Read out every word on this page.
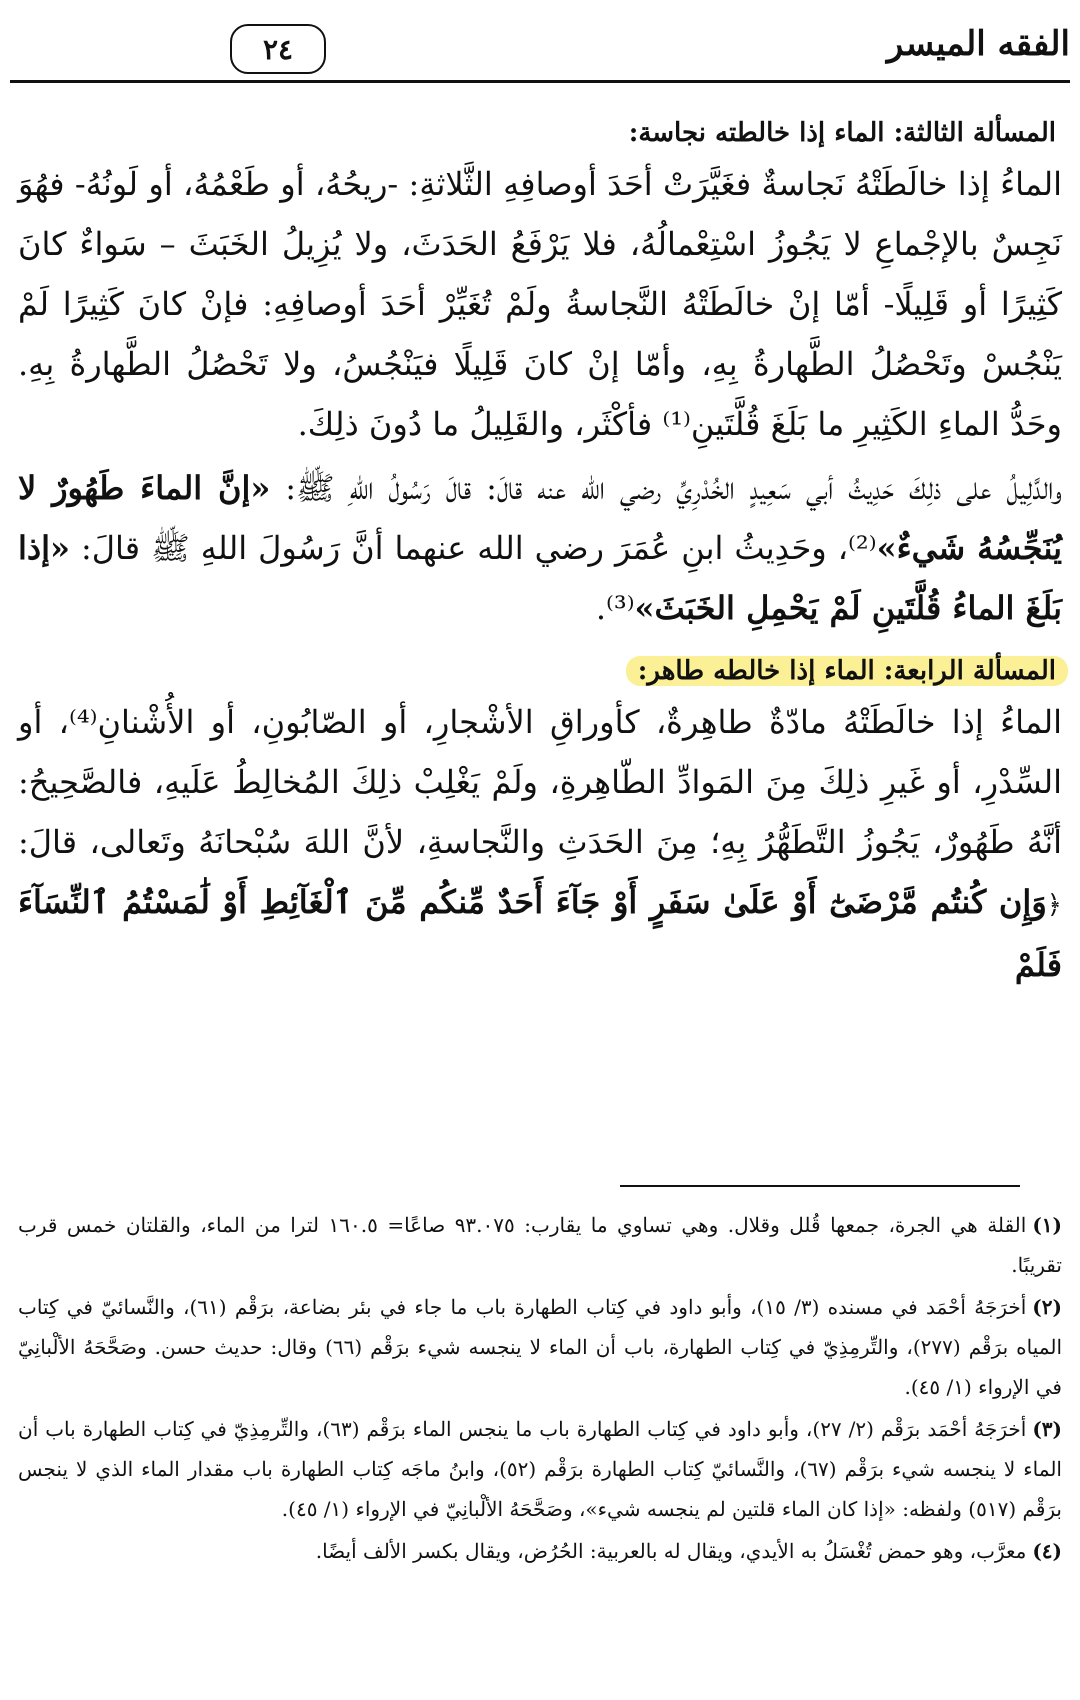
الفقه الميسر
٢٤
المسألة الثالثة: الماء إذا خالطته نجاسة:

الماءُ إذا خالَطَتْهُ نَجاسةٌ فغَيَّرَتْ أحَدَ أوصافِهِ الثَّلاثةِ: -ريحُهُ، أو طَعْمُهُ، أو لَونُهُ- فهُوَ نَجِسٌ بالإجْماعِ لا يَجُوزُ اسْتِعْمالُهُ، فلا يَرْفَعُ الحَدَثَ، ولا يُزِيلُ الخَبَثَ – سَواءٌ كانَ كَثِيرًا أو قَلِيلًا- أمّا إنْ خالَطَتْهُ النَّجاسةُ ولَمْ تُغَيِّرْ أحَدَ أوصافِهِ: فإنْ كانَ كَثِيرًا لَمْ يَنْجُسْ وتَحْصُلُ الطَّهارةُ بِهِ، وأمّا إنْ كانَ قَلِيلًا فيَنْجُسُ، ولا تَحْصُلُ الطَّهارةُ بِهِ. وحَدُّ الماءِ الكَثِيرِ ما بَلَغَ قُلَّتَينِ⁽¹⁾ فأكْثَر، والقَلِيلُ ما دُونَ ذلِكَ.

والدَّلِيلُ على ذلِكَ حَدِيثُ أبي سَعِيدٍ الخُدْرِيِّ رضي الله عنه قالَ: قالَ رَسُولُ اللهِ ﷺ: «إنَّ الماءَ طَهُورٌ لا يُنَجِّسُهُ شَيءٌ»⁽²⁾، وحَدِيثُ ابنِ عُمَرَ رضي الله عنهما أنَّ رَسُولَ اللهِ ﷺ قالَ: «إذا بَلَغَ الماءُ قُلَّتَينِ لَمْ يَحْمِلِ الخَبَثَ»⁽³⁾.

المسألة الرابعة: الماء إذا خالطه طاهر:

الماءُ إذا خالَطَتْهُ مادّةٌ طاهِرةٌ، كأوراقِ الأشْجارِ، أو الصّابُونِ، أو الأُشْنانِ⁽⁴⁾، أو السِّدْرِ، أو غَيرِ ذلِكَ مِنَ المَوادِّ الطّاهِرةِ، ولَمْ يَغْلِبْ ذلِكَ المُخالِطُ عَلَيهِ، فالصَّحِيحُ: أنَّهُ طَهُورٌ، يَجُوزُ التَّطَهُّرُ بِهِ؛ مِنَ الحَدَثِ والنَّجاسةِ، لأنَّ اللهَ سُبْحانَهُ وتَعالى، قالَ: ﴿وَإِن كُنتُم مَّرْضَىٰٓ أَوْ عَلَىٰ سَفَرٍ أَوْ جَآءَ أَحَدٌ مِّنكُم مِّنَ ٱلْغَآئِطِ أَوْ لَٰمَسْتُمُ ٱلنِّسَآءَ فَلَمْ

(١)القلة هي الجرة، جمعها قُلل وقلال. وهي تساوي ما يقارب: ٩٣.٠٧٥ صاعًا= ١٦٠.٥ لترا من الماء، والقلتان خمس قرب تقريبًا.

(٢)أخرَجَهُ أحْمَد في مسنده (٣/ ١٥)، وأبو داود في كِتاب الطهارة باب ما جاء في بئر بضاعة، برَقْم (٦١)، والنَّسائيّ في كِتاب المياه برَقْم (٢٧٧)، والتِّرمِذِيّ في كِتاب الطهارة، باب أن الماء لا ينجسه شيء برَقْم (٦٦) وقال: حديث حسن. وصَحَّحَهُ الألْبانِيّ في الإرواء (١/ ٤٥).

(٣)أخرَجَهُ أحْمَد برَقْم (٢/ ٢٧)، وأبو داود في كِتاب الطهارة باب ما ينجس الماء برَقْم (٦٣)، والتِّرمِذِيّ في كِتاب الطهارة باب أن الماء لا ينجسه شيء برَقْم (٦٧)، والنَّسائيّ كِتاب الطهارة برَقْم (٥٢)، وابنُ ماجَه كِتاب الطهارة باب مقدار الماء الذي لا ينجس برَقْم (٥١٧) ولفظه: «إذا كان الماء قلتين لم ينجسه شيء»، وصَحَّحَهُ الألْبانِيّ في الإرواء (١/ ٤٥).

(٤)معرَّب، وهو حمض تُغْسَلُ به الأيدي، ويقال له بالعربية: الحُرُض، ويقال بكسر الألف أيضًا.
